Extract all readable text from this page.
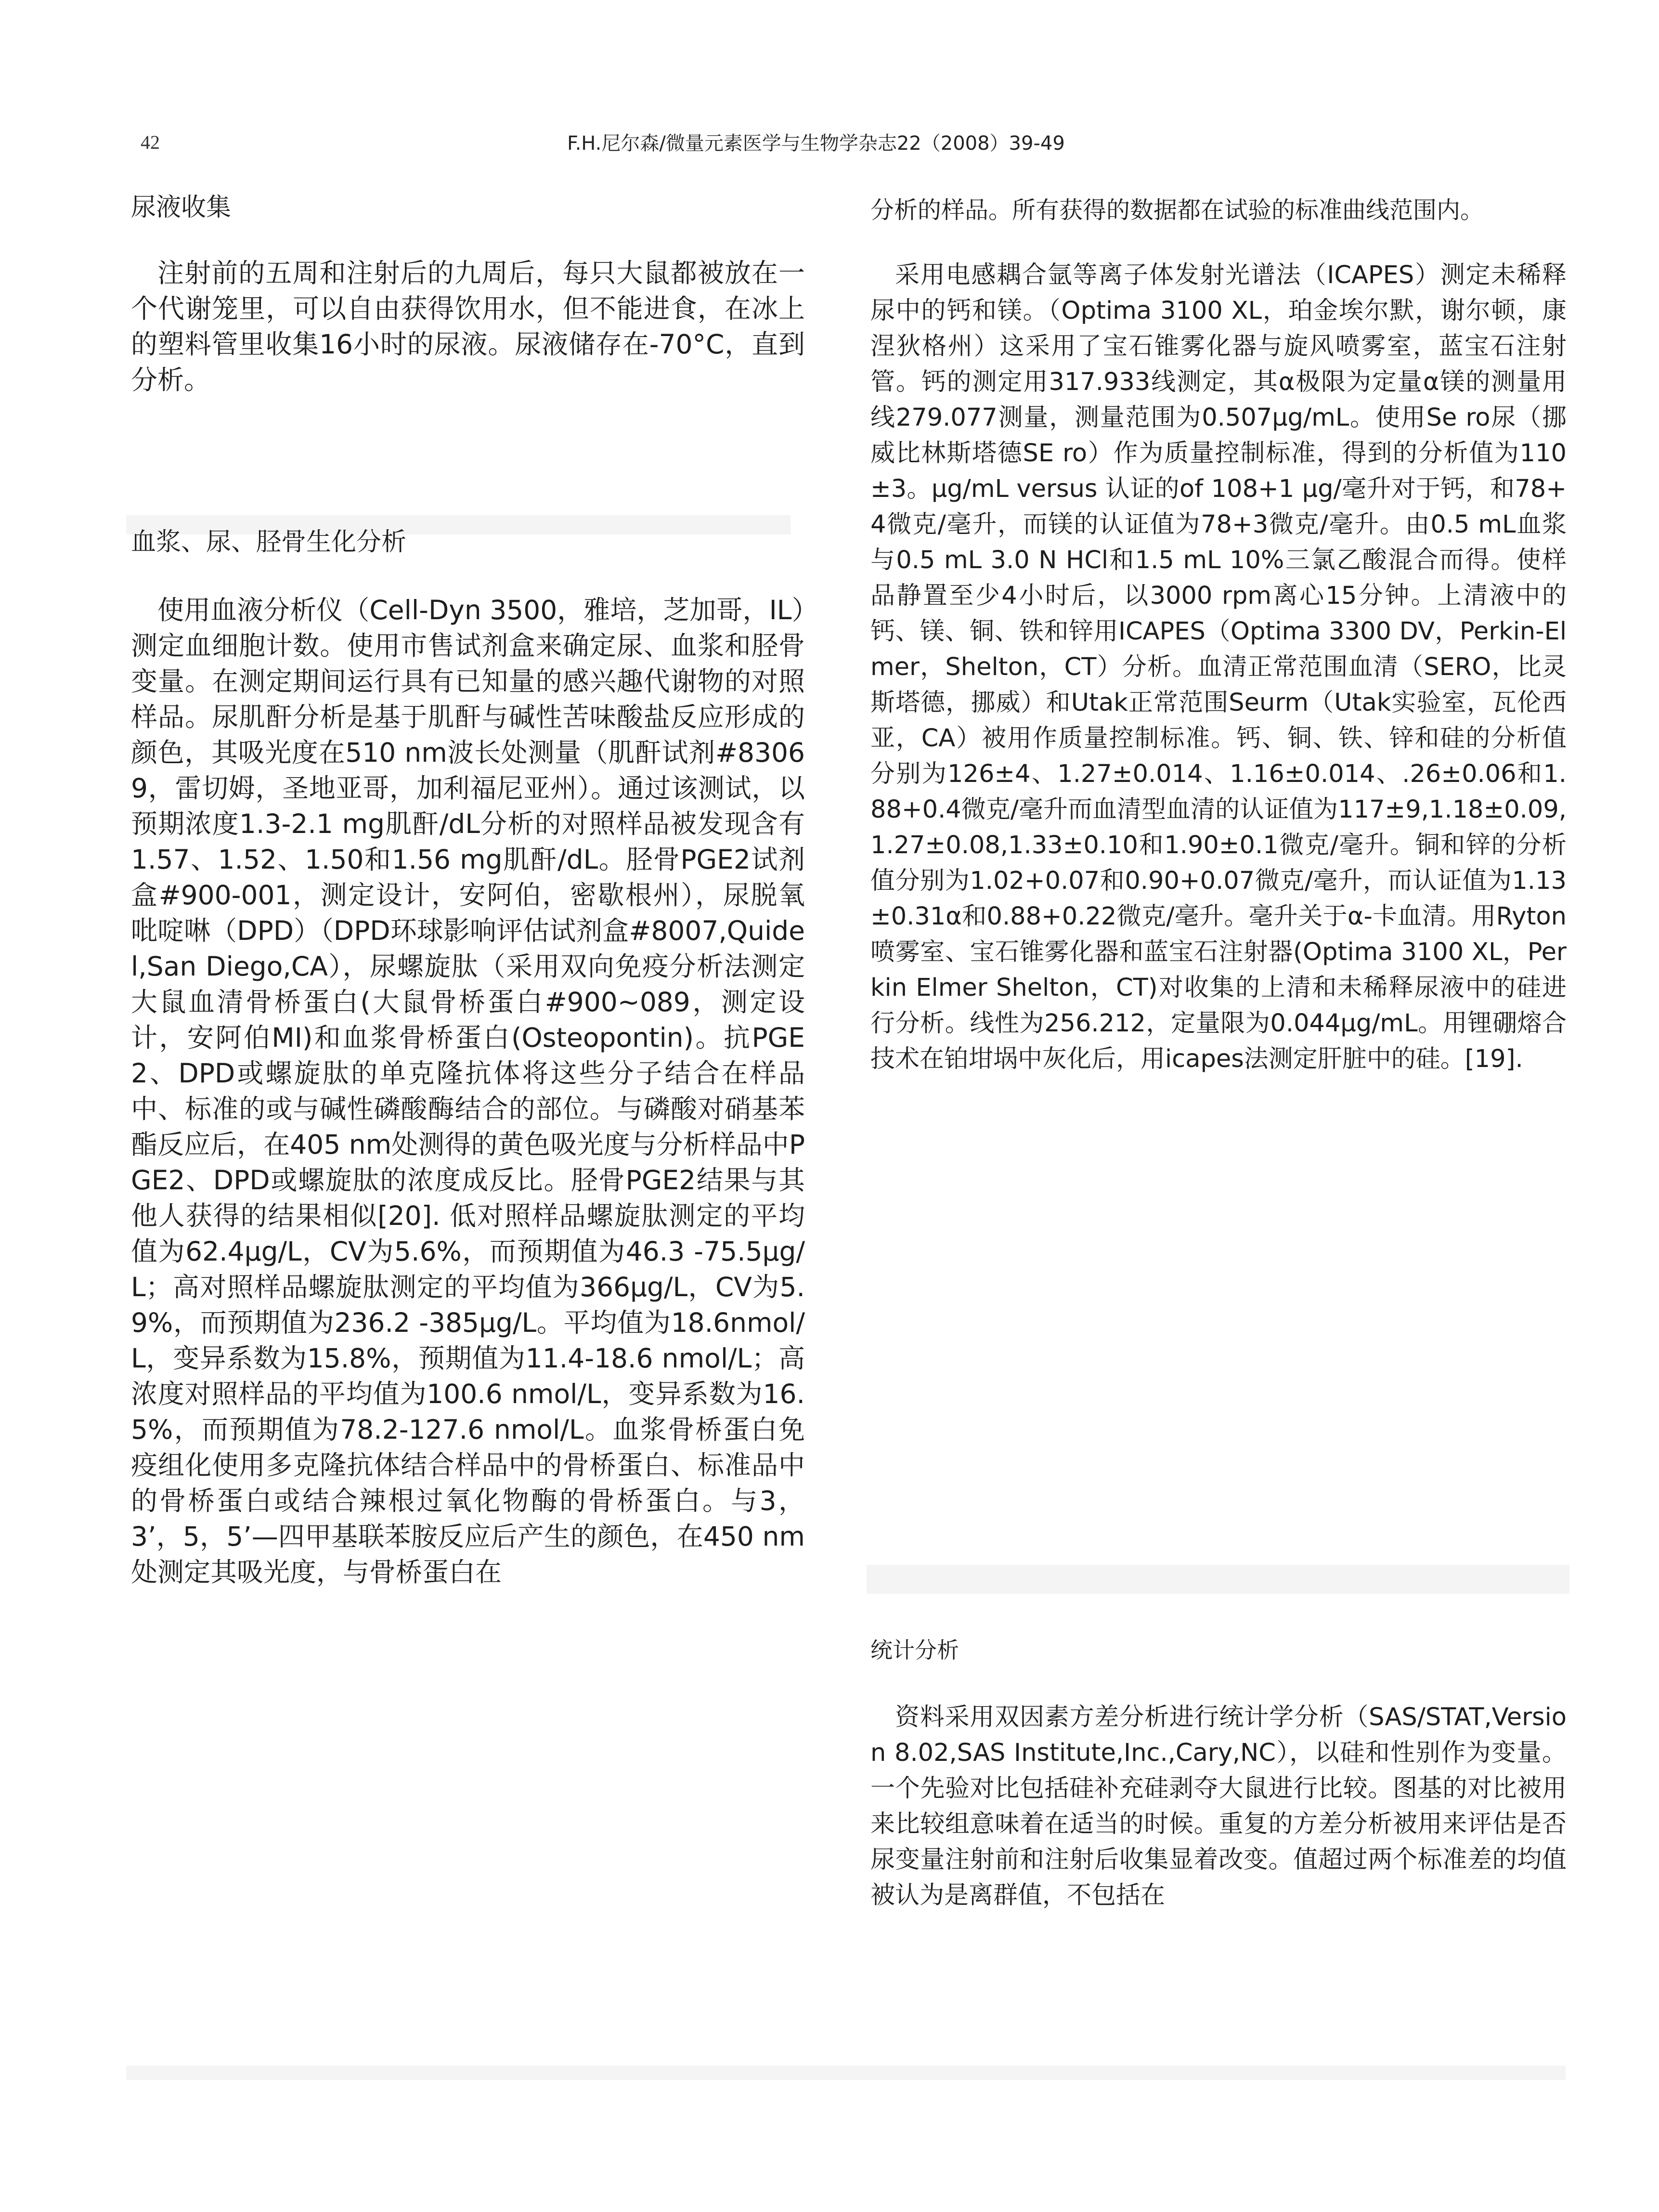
42	F.H.尼尔森/微量元素医学与生物学杂志22（2008）39-49
尿液收集

注射前的五周和注射后的九周后，每只大鼠都被放在一个代谢笼里，可以自由获得饮用水，但不能进食，在冰上的塑料管里收集16小时的尿液。尿液储存在-70°C，直到分析。

血浆、尿、胫骨生化分析

使用血液分析仪（Cell-Dyn 3500，雅培，芝加哥，IL）测定血细胞计数。使用市售试剂盒来确定尿、血浆和胫骨变量。在测定期间运行具有已知量的感兴趣代谢物的对照样品。尿肌酐分析是基于肌酐与碱性苦味酸盐反应形成的颜色，其吸光度在510 nm波长处测量（肌酐试剂#83069，雷切姆，圣地亚哥，加利福尼亚州）。通过该测试，以预期浓度1.3-2.1 mg肌酐/dL分析的对照样品被发现含有1.57、1.52、1.50和1.56 mg肌酐/dL。胫骨PGE2试剂盒#900-001，测定设计，安阿伯，密歇根州），尿脱氧吡啶啉（DPD）（DPD环球影响评估试剂盒#8007,Quidel,San Diego,CA），尿螺旋肽（采用双向免疫分析法测定大鼠血清骨桥蛋白(大鼠骨桥蛋白#900~089，测定设计，安阿伯MI)和血浆骨桥蛋白(Osteopontin)。抗PGE 2、DPD或螺旋肽的单克隆抗体将这些分子结合在样品中、标准的或与碱性磷酸酶结合的部位。与磷酸对硝基苯酯反应后，在405 nm处测得的黄色吸光度与分析样品中PGE2、DPD或螺旋肽的浓度成反比。胫骨PGE2结果与其他人获得的结果相似[20]. 低对照样品螺旋肽测定的平均值为62.4μg/L，CV为5.6%，而预期值为46.3 -75.5μg/L；高对照样品螺旋肽测定的平均值为366μg/L，CV为5.9%，而预期值为236.2 -385μg/L。平均值为18.6nmol/L，变异系数为15.8%，预期值为11.4-18.6 nmol/L；高浓度对照样品的平均值为100.6 nmol/L，变异系数为16.5%，而预期值为78.2-127.6 nmol/L。血浆骨桥蛋白免疫组化使用多克隆抗体结合样品中的骨桥蛋白、标准品中的骨桥蛋白或结合辣根过氧化物酶的骨桥蛋白。与3，3’，5，5’—四甲基联苯胺反应后产生的颜色，在450 nm处测定其吸光度，与骨桥蛋白在

分析的样品。所有获得的数据都在试验的标准曲线范围内。

采用电感耦合氩等离子体发射光谱法（ICAPES）测定未稀释尿中的钙和镁。（Optima 3100 XL，珀金埃尔默，谢尔顿，康涅狄格州）这采用了宝石锥雾化器与旋风喷雾室，蓝宝石注射管。钙的测定用317.933线测定，其α极限为定量α镁的测量用线279.077测量，测量范围为0.507μg/mL。使用Se ro尿（挪威比林斯塔德SE ro）作为质量控制标准，得到的分析值为110±3。μg/mL versus 认证的of 108+1 μg/毫升对于钙，和78+4微克/毫升，而镁的认证值为78+3微克/毫升。由0.5 mL血浆与0.5 mL 3.0 N HCl和1.5 mL 10%三氯乙酸混合而得。使样品静置至少4小时后，以3000 rpm离心15分钟。上清液中的钙、镁、铜、铁和锌用ICAPES（Optima 3300 DV，Perkin-Elmer，Shelton，CT）分析。血清正常范围血清（SERO，比灵斯塔德，挪威）和Utak正常范围Seurm（Utak实验室，瓦伦西亚，CA）被用作质量控制标准。钙、铜、铁、锌和硅的分析值分别为126±4、1.27±0.014、1.16±0.014、.26±0.06和1.88+0.4微克/毫升而血清型血清的认证值为117±9,1.18±0.09,1.27±0.08,1.33±0.10和1.90±0.1微克/毫升。铜和锌的分析值分别为1.02+0.07和0.90+0.07微克/毫升，而认证值为1.13±0.31α和0.88+0.22微克/毫升。毫升关于α-卡血清。用Ryton喷雾室、宝石锥雾化器和蓝宝石注射器(Optima 3100 XL，Perkin Elmer Shelton，CT)对收集的上清和未稀释尿液中的硅进行分析。线性为256.212，定量限为0.044μg/mL。用锂硼熔合技术在铂坩埚中灰化后，用icapes法测定肝脏中的硅。[19].

统计分析

资料采用双因素方差分析进行统计学分析（SAS/STAT,Version 8.02,SAS Institute,Inc.,Cary,NC），以硅和性别作为变量。一个先验对比包括硅补充硅剥夺大鼠进行比较。图基的对比被用来比较组意味着在适当的时候。重复的方差分析被用来评估是否尿变量注射前和注射后收集显着改变。值超过两个标准差的均值被认为是离群值，不包括在
